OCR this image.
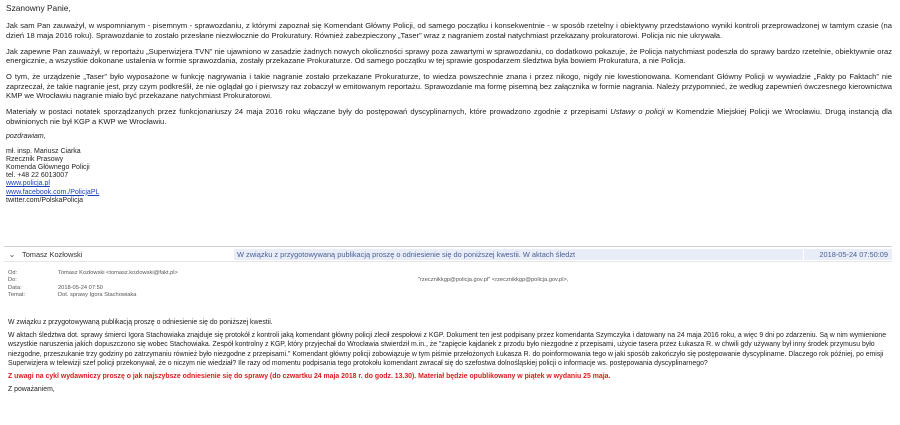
Szanowny Panie,

Jak sam Pan zauważył, w wspomnianym - pisemnym - sprawozdaniu, z którymi zapoznał się Komendant Główny Policji, od samego początku i konsekwentnie - w sposób rzetelny i obiektywny przedstawiono wyniki kontroli przeprowadzonej w tamtym czasie (na dzień 18 maja 2016 roku). Sprawozdanie to zostało przesłane niezwłocznie do Prokuratury. Również zabezpieczony „Taser” wraz z nagraniem został natychmiast przekazany prokuratorowi. Policja nic nie ukrywała.

Jak zapewne Pan zauważył, w reportażu „Superwizjera TVN” nie ujawniono w zasadzie żadnych nowych okoliczności sprawy poza zawartymi w sprawozdaniu, co dodatkowo pokazuje, że Policja natychmiast podeszła do sprawy bardzo rzetelnie, obiektywnie oraz energicznie, a wszystkie dokonane ustalenia w formie sprawozdania, zostały przekazane Prokuraturze. Od samego początku w tej sprawie gospodarzem śledztwa była bowiem Prokuratura, a nie Policja.

O tym, że urządzenie „Taser” było wyposażone w funkcję nagrywania i takie nagranie zostało przekazane Prokuraturze, to wiedza powszechnie znana i przez nikogo, nigdy nie kwestionowana. Komendant Główny Policji w wywiadzie „Fakty po Faktach” nie zaprzeczał, że takie nagranie jest, przy czym podkreślił, że nie oglądał go i pierwszy raz zobaczył w emitowanym reportażu. Sprawozdanie ma formę pisemną bez załącznika w formie nagrania. Należy przypomnieć, że według zapewnień ówczesnego kierownictwa KMP we Wrocławiu nagranie miało być przekazane natychmiast Prokuratorowi.

Materiały w postaci notatek sporządzanych przez funkcjonariuszy 24 maja 2016 roku włączane były do postępowań dyscyplinarnych, które prowadzono zgodnie z przepisami Ustawy o policji w Komendzie Miejskiej Policji we Wrocławiu. Drugą instancją dla obwinionych nie był KGP a KWP we Wrocławiu.

pozdrawiam,
mł. insp. Mariusz Ciarka
Rzecznik Prasowy
Komenda Głównego Policji
tel. +48 22 6013007
www.policja.pl
www.facebook.com./PolicjaPL
twitter.com/PolskaPolicja
⌄ Tomasz Kozłowski	W związku z przygotowywaną publikacją proszę o odniesienie się do poniższej kwestii. W aktach śledzt	2018-05-24 07:50:09
Od:	Tomasz Kozłowski <tomasz.kozlowski@fakt.pl>
Do:	"rzecznikkgp@policja.gov.pl" <rzecznikkgp@policja.gov.pl>,
Data:	2018-05-24 07:50
Temat:	Dot. sprawy Igora Stachowiaka

W związku z przygotowywaną publikacją proszę o odniesienie się do poniższej kwestii.

W aktach śledztwa dot. sprawy śmierci Igora Stachowiaka znajduje się protokół z kontroli jaką komendant główny policji zlecił zespołowi z KGP. Dokument ten jest podpisany przez komendanta Szymczyka i datowany na 24 maja 2016 roku, a więc 9 dni po zdarzeniu. Są w nim wymienione wszystkie naruszenia jakich dopuszczono się wobec Stachowiaka. Zespół kontrolny z KGP, który przyjechał do Wrocławia stwierdził m.in., że "zapięcie kajdanek z przodu było niezgodne z przepisami, użycie tasera przez Łukasza R. w chwili gdy używany był inny środek przymusu było niezgodne, przeszukanie trzy godziny po zatrzymaniu również było niezgodne z przepisami." Komendant główny policji zobowiązuje w tym piśmie przełożonych Łukasza R. do poinformowania tego w jaki sposób zakończyło się postępowanie dyscyplinarne. Dlaczego rok później, po emisji Superwizjera w telewizji szef policji przekonywał, że o niczym nie wiedział? Ile razy od momentu podpisania tego protokołu komendant zwracał się do szefostwa dolnośląskiej policji o informacje ws. postępowania dyscyplinarnego?

Z uwagi na cykl wydawniczy proszę o jak najszybsze odniesienie się do sprawy (do czwartku 24 maja 2018 r. do godz. 13.30). Materiał będzie opublikowany w piątek w wydaniu 25 maja.

Z poważaniem,
